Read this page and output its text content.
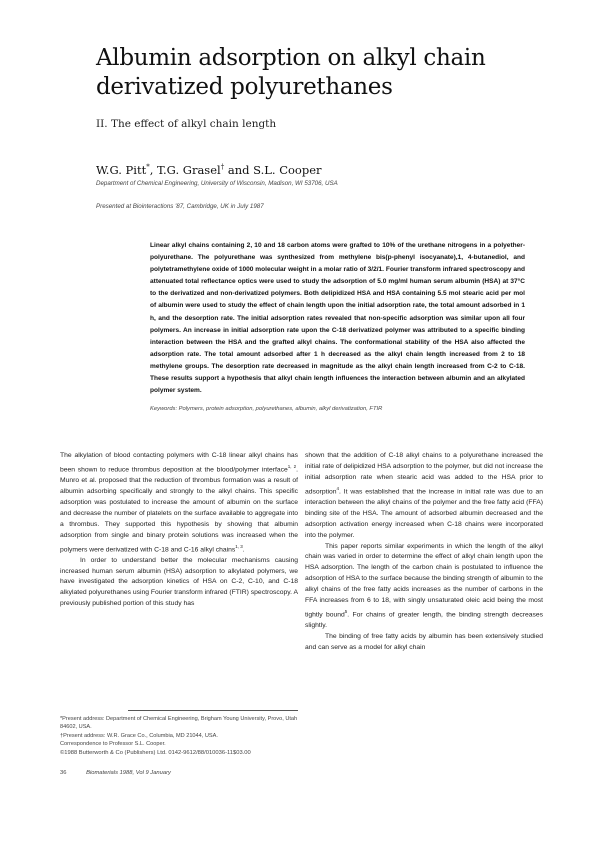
Albumin adsorption on alkyl chain derivatized polyurethanes
II. The effect of alkyl chain length
W.G. Pitt*, T.G. Grasel† and S.L. Cooper
Department of Chemical Engineering, University of Wisconsin, Madison, WI 53706, USA
Presented at Biointeractions '87, Cambridge, UK in July 1987
Linear alkyl chains containing 2, 10 and 18 carbon atoms were grafted to 10% of the urethane nitrogens in a polyether-polyurethane. The polyurethane was synthesized from methylene bis(p-phenyl isocyanate),1, 4-butanediol, and polytetramethylene oxide of 1000 molecular weight in a molar ratio of 3/2/1. Fourier transform infrared spectroscopy and attenuated total reflectance optics were used to study the adsorption of 5.0 mg/ml human serum albumin (HSA) at 37°C to the derivatized and non-derivatized polymers. Both delipidized HSA and HSA containing 5.5 mol stearic acid per mol of albumin were used to study the effect of chain length upon the initial adsorption rate, the total amount adsorbed in 1 h, and the desorption rate. The initial adsorption rates revealed that non-specific adsorption was similar upon all four polymers. An increase in initial adsorption rate upon the C-18 derivatized polymer was attributed to a specific binding interaction between the HSA and the grafted alkyl chains. The conformational stability of the HSA also affected the adsorption rate. The total amount adsorbed after 1 h decreased as the alkyl chain length increased from 2 to 18 methylene groups. The desorption rate decreased in magnitude as the alkyl chain length increased from C-2 to C-18. These results support a hypothesis that alkyl chain length influences the interaction between albumin and an alkylated polymer system.
Keywords: Polymers, protein adsorption, polyurethanes, albumin, alkyl derivatization, FTIR

The alkylation of blood contacting polymers with C-18 linear alkyl chains has been shown to reduce thrombus deposition at the blood/polymer interface$^{1, 2}$. Munro et al. proposed that the reduction of thrombus formation was a result of albumin adsorbing specifically and strongly to the alkyl chains. This specific adsorption was postulated to increase the amount of albumin on the surface and decrease the number of platelets on the surface available to aggregate into a thrombus. They supported this hypothesis by showing that albumin adsorption from single and binary protein solutions was increased when the polymers were derivatized with C-18 and C-16 alkyl chains$^{1, 3}$.

In order to understand better the molecular mechanisms causing increased human serum albumin (HSA) adsorption to alkylated polymers, we have investigated the adsorption kinetics of HSA on C-2, C-10, and C-18 alkylated polyurethanes using Fourier transform infrared (FTIR) spectroscopy. A previously published portion of this study has

shown that the addition of C-18 alkyl chains to a polyurethane increased the initial rate of delipidized HSA adsorption to the polymer, but did not increase the initial adsorption rate when stearic acid was added to the HSA prior to adsorption$^4$. It was established that the increase in initial rate was due to an interaction between the alkyl chains of the polymer and the free fatty acid (FFA) binding site of the HSA. The amount of adsorbed albumin decreased and the adsorption activation energy increased when C-18 chains were incorporated into the polymer.

This paper reports similar experiments in which the length of the alkyl chain was varied in order to determine the effect of alkyl chain length upon the HSA adsorption. The length of the carbon chain is postulated to influence the adsorption of HSA to the surface because the binding strength of albumin to the alkyl chains of the free fatty acids increases as the number of carbons in the FFA increases from 6 to 18, with singly unsaturated oleic acid being the most tightly bound$^5$. For chains of greater length, the binding strength decreases slightly.

The binding of free fatty acids by albumin has been extensively studied and can serve as a model for alkyl chain

*Present address: Department of Chemical Engineering, Brigham Young University, Provo, Utah 84602, USA.
†Present address: W.R. Grace Co., Columbia, MD 21044, USA.
Correspondence to Professor S.L. Cooper.
©1988 Butterworth & Co (Publishers) Ltd. 0142-9612/88/010036-11$03.00
36	Biomaterials 1988, Vol 9 January
